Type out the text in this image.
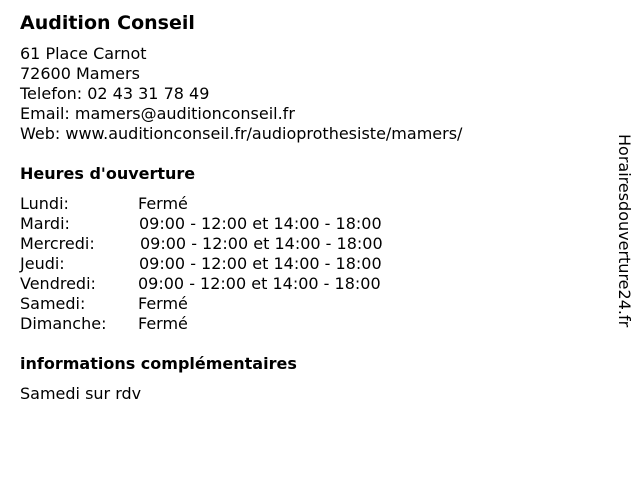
Audition Conseil
61 Place Carnot
72600 Mamers
Telefon: 02 43 31 78 49
Email: mamers@auditionconseil.fr
Web: www.auditionconseil.fr/audioprothesiste/mamers/
Heures d'ouverture
Lundi:	Fermé
Mardi:	09:00 - 12:00 et 14:00 - 18:00
Mercredi:	09:00 - 12:00 et 14:00 - 18:00
Jeudi:	09:00 - 12:00 et 14:00 - 18:00
Vendredi:	09:00 - 12:00 et 14:00 - 18:00
Samedi:	Fermé
Dimanche: Fermé
informations complémentaires
Samedi sur rdv
Horairesdouverture24.fr
